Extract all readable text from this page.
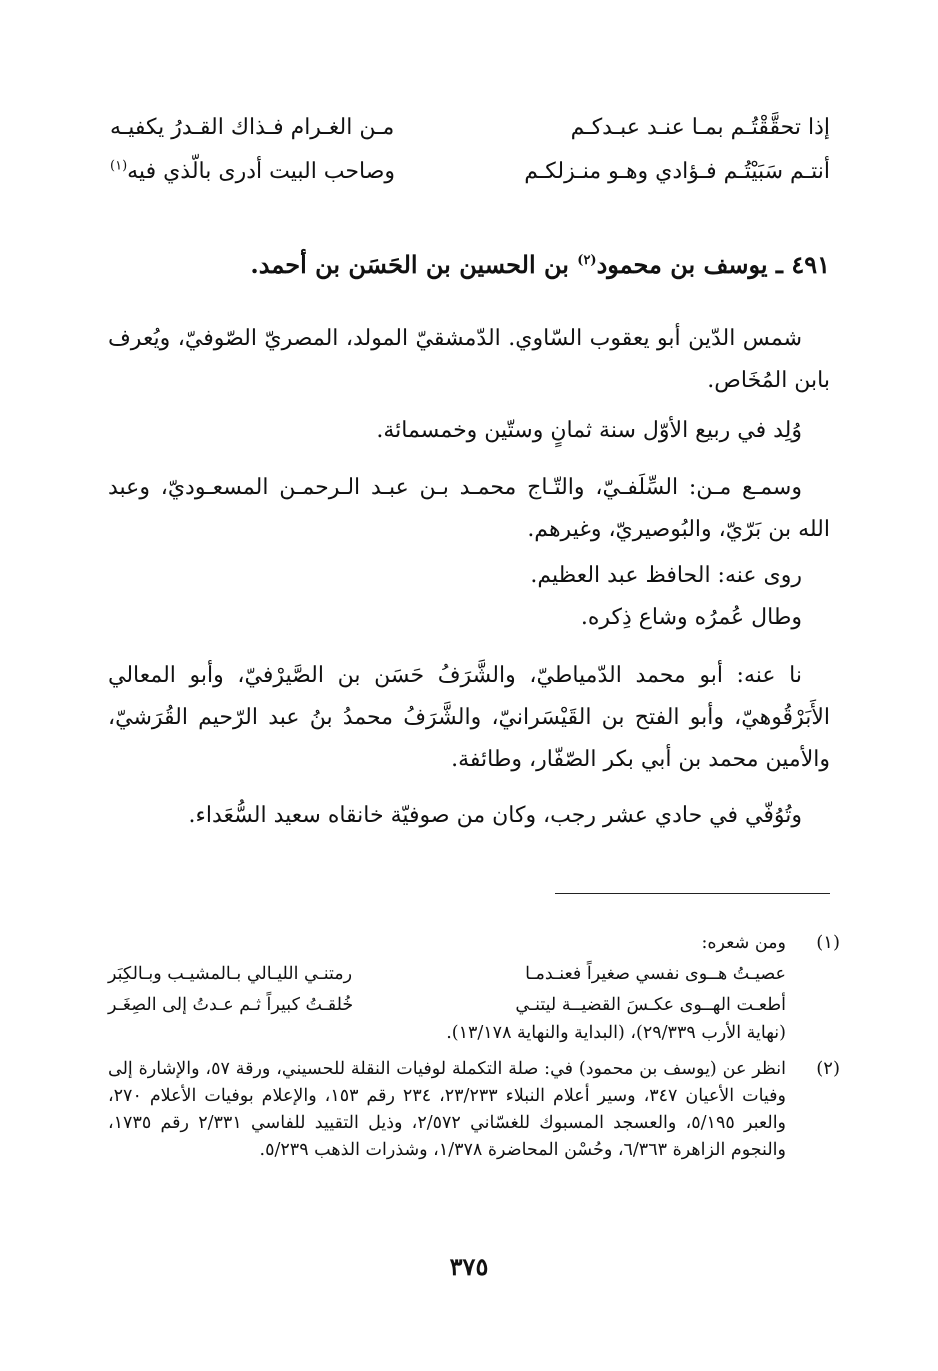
إذا تحقَّقْتُـم بمـا عنـد عبـدكـم
مـن الغـرام فـذاك القـدرُ يكفيـه
أنتـم سَبَيْتُـم فـؤادي وهـو منـزلكـم
وصاحب البيت أدرى بالّذي فيه$^{(١)}$
٤٩١ ـ يوسف بن محمود$^{(٢)}$ بن الحسين بن الحَسَن بن أحمد.
شمس الدّين أبو يعقوب السّاوي. الدّمشقيّ المولد، المصريّ الصّوفيّ، ويُعرف بابن المُخَاص.
وُلِد في ربيع الأوّل سنة ثمانٍ وستّين وخمسمائة.
وسمـع مـن: السِّلَفـيّ، والتّـاج محمـد بـن عبـد الـرحمـن المسعـوديّ، وعبد الله بن بَرّيّ، والبُوصيريّ، وغيرهم.
روى عنه: الحافظ عبد العظيم.
وطال عُمرُه وشاع ذِكره.
نا عنه: أبو محمد الدّمياطيّ، والشَّرَفُ حَسَن بن الصَّيرْفيّ، وأبو المعالي الأَبَرْقُوهيّ، وأبو الفتح بن القَيْسَرانيّ، والشَّرَفُ محمدُ بنُ عبد الرّحيم القُرَشيّ، والأمين محمد بن أبي بكر الصّفّار، وطائفة.
وتُوُفّي في حادي عشر رجب، وكان من صوفيّة خانقاه سعيد السُّعَداء.
(١)
ومن شعره:
عصيـتُ هــوى نفسي صغيراً فعنـدمـا
رمتنـي الليـالي بـالمشيـب وبـالكِبَر
أطعـت الهــوى عكـسَ القضيــة ليتنـي
خُلقـتُ كبيراً ثـم عـدتُ إلى الصِغَـر
(نهاية الأرب ٢٩/٣٣٩)، (البداية والنهاية ١٣/١٧٨).
(٢)
انظر عن (يوسف بن محمود) في: صلة التكملة لوفيات النقلة للحسيني، ورقة ٥٧، والإشارة إلى وفيات الأعيان ٣٤٧، وسير أعلام النبلاء ٢٣/٢٣٣، ٢٣٤ رقم ١٥٣، والإعلام بوفيات الأعلام ٢٧٠، والعبر ٥/١٩٥، والعسجد المسبوك للغسّاني ٢/٥٧٢، وذيل التقييد للفاسي ٢/٣٣١ رقم ١٧٣٥، والنجوم الزاهرة ٦/٣٦٣، وحُسْن المحاضرة ١/٣٧٨، وشذرات الذهب ٥/٢٣٩.
٣٧٥
